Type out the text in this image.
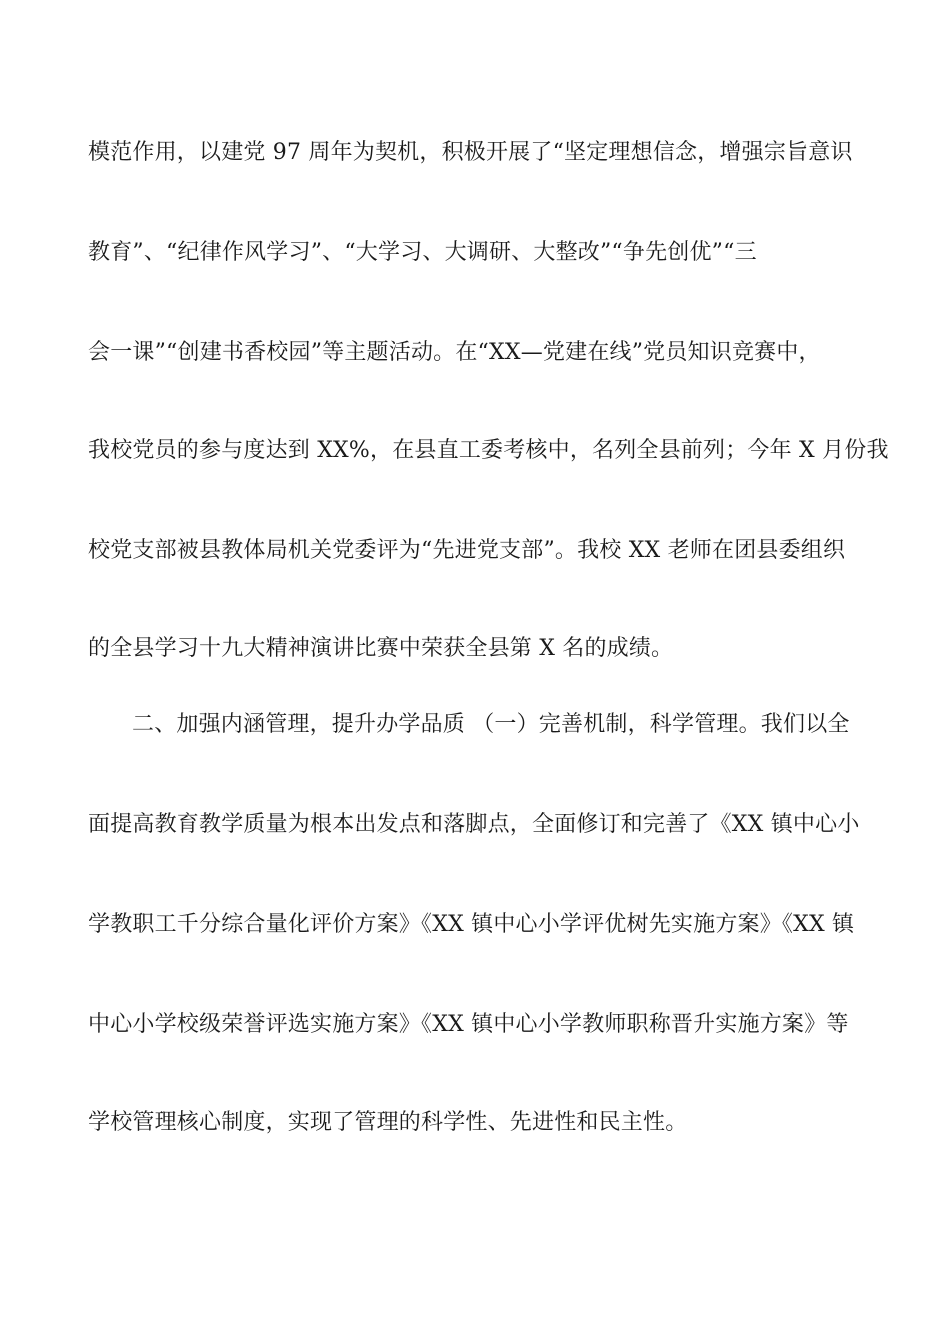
模范作用，以建党 97 周年为契机，积极开展了“坚定理想信念，增强宗旨意识
教育”、“纪律作风学习”、“大学习、大调研、大整改”“争先创优”“三
会一课”“创建书香校园”等主题活动。在“XX—党建在线”党员知识竞赛中，
我校党员的参与度达到 XX%，在县直工委考核中，名列全县前列；今年 X 月份我
校党支部被县教体局机关党委评为“先进党支部”。我校 XX 老师在团县委组织
的全县学习十九大精神演讲比赛中荣获全县第 X 名的成绩。
二、加强内涵管理，提升办学品质 （一）完善机制，科学管理。我们以全
面提高教育教学质量为根本出发点和落脚点，全面修订和完善了《XX 镇中心小
学教职工千分综合量化评价方案》《XX 镇中心小学评优树先实施方案》《XX 镇
中心小学校级荣誉评选实施方案》《XX 镇中心小学教师职称晋升实施方案》等
学校管理核心制度，实现了管理的科学性、先进性和民主性。
